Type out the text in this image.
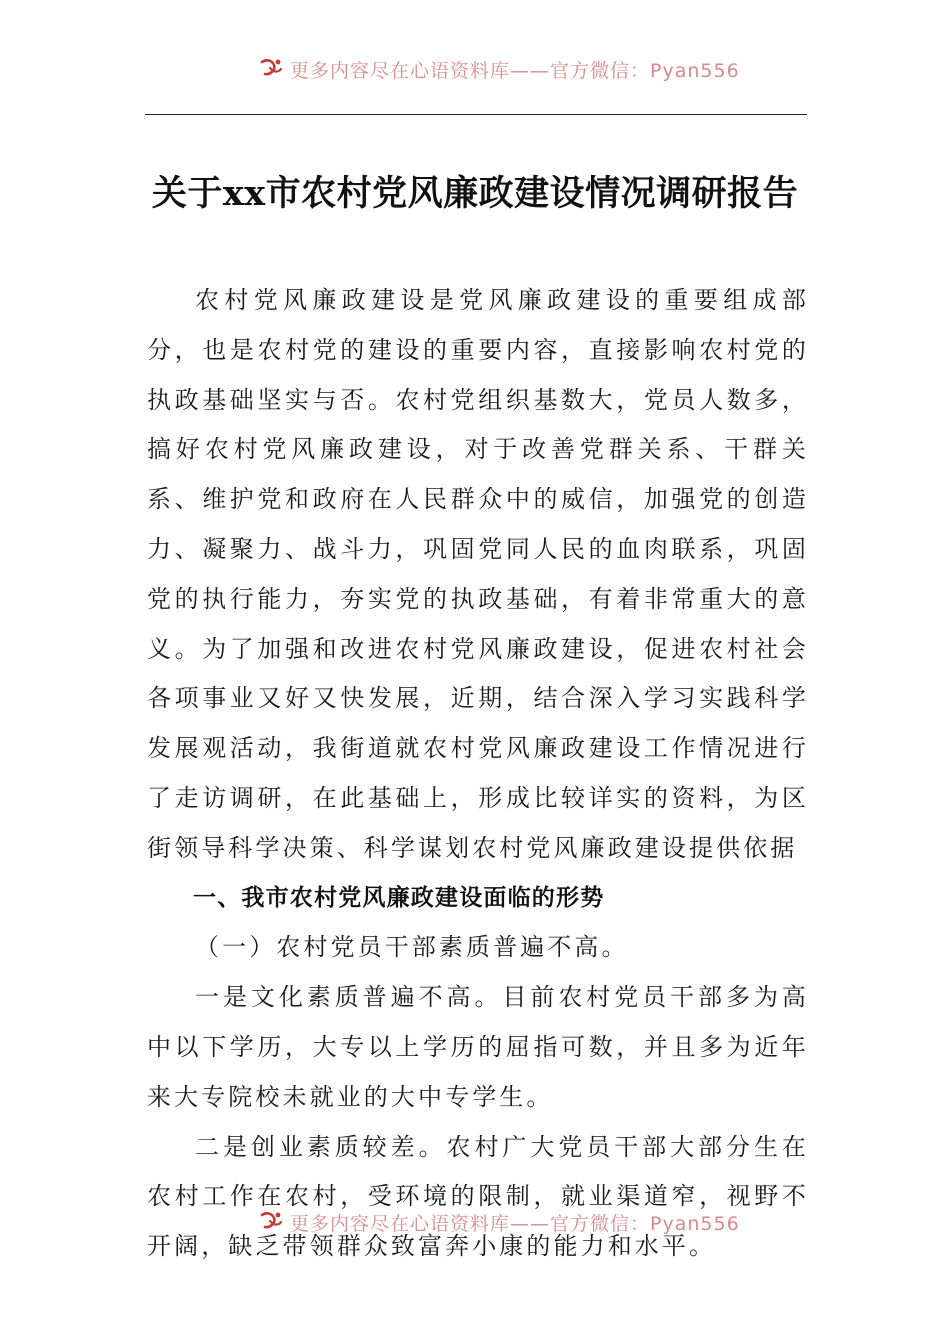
更多内容尽在心语资料库——官方微信：Pyan556
关于xx市农村党风廉政建设情况调研报告

农村党风廉政建设是党风廉政建设的重要组成部分，也是农村党的建设的重要内容，直接影响农村党的执政基础坚实与否。农村党组织基数大，党员人数多，搞好农村党风廉政建设，对于改善党群关系、干群关系、维护党和政府在人民群众中的威信，加强党的创造力、凝聚力、战斗力，巩固党同人民的血肉联系，巩固党的执行能力，夯实党的执政基础，有着非常重大的意义。为了加强和改进农村党风廉政建设，促进农村社会各项事业又好又快发展，近期，结合深入学习实践科学发展观活动，我街道就农村党风廉政建设工作情况进行了走访调研，在此基础上，形成比较详实的资料，为区街领导科学决策、科学谋划农村党风廉政建设提供依据

一、我市农村党风廉政建设面临的形势

（一）农村党员干部素质普遍不高。

一是文化素质普遍不高。目前农村党员干部多为高中以下学历，大专以上学历的屈指可数，并且多为近年来大专院校未就业的大中专学生。

二是创业素质较差。农村广大党员干部大部分生在农村工作在农村，受环境的限制，就业渠道窄，视野不开阔，缺乏带领群众致富奔小康的能力和水平。

更多内容尽在心语资料库——官方微信：Pyan556
